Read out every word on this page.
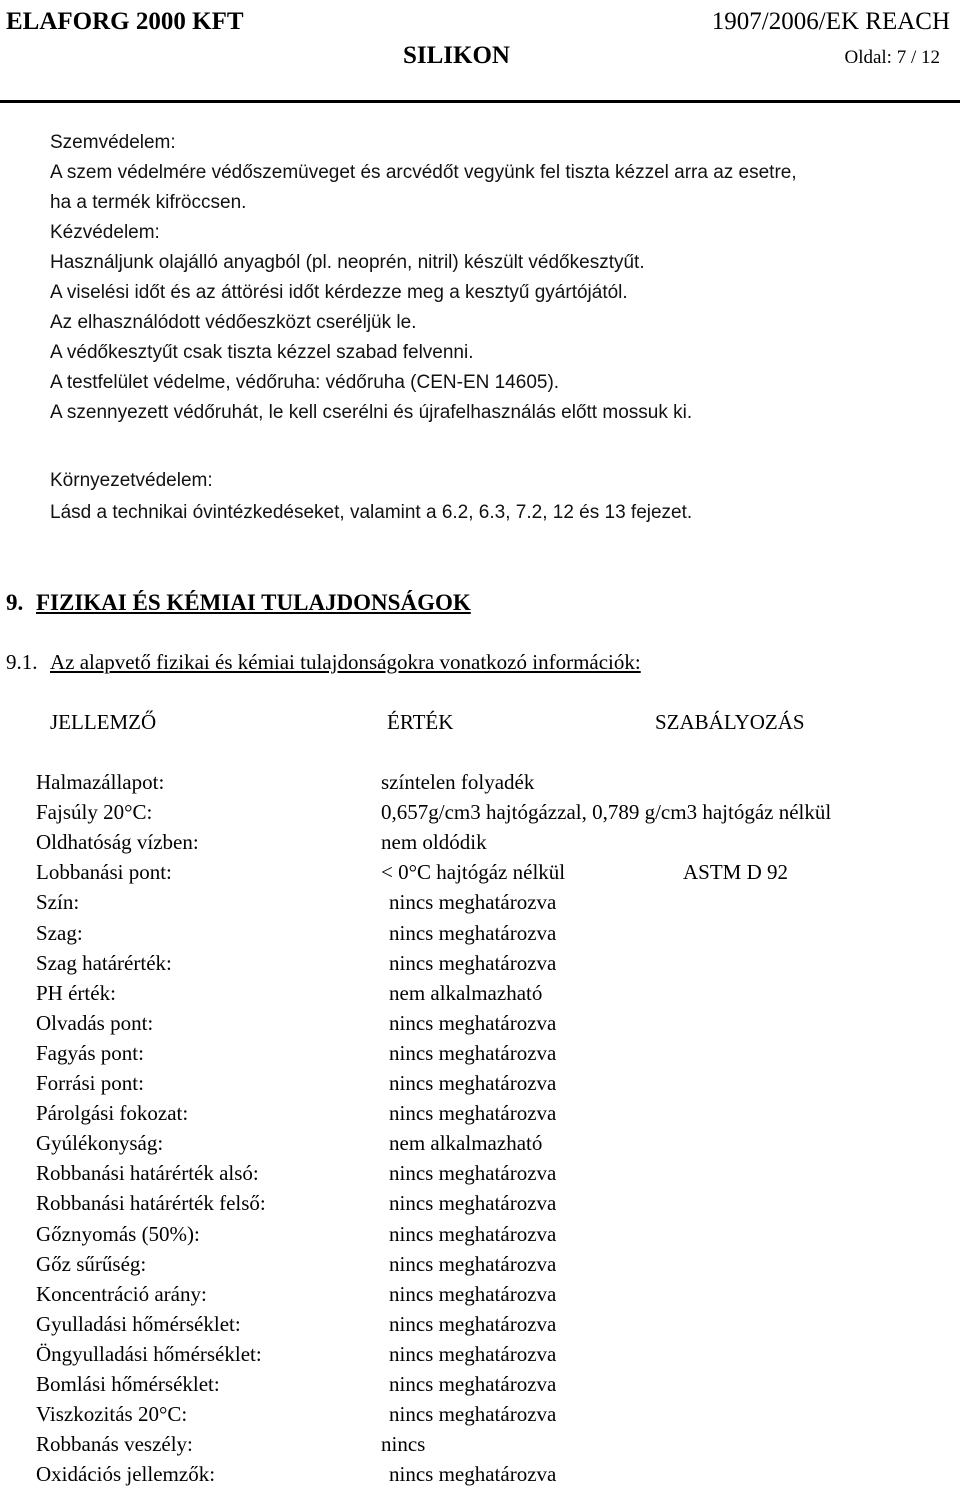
ELAFORG 2000 KFT	1907/2006/EK REACH
SILIKON	Oldal: 7 / 12
Szemvédelem:
A szem védelmére védőszemüveget és arcvédőt vegyünk fel tiszta kézzel arra az esetre,
ha a termék kifröccsen.
Kézvédelem:
Használjunk olajálló anyagból (pl. neoprén, nitril) készült védőkesztyűt.
A viselési időt és az áttörési időt kérdezze meg a kesztyű gyártójától.
Az elhasználódott védőeszközt cseréljük le.
A védőkesztyűt csak tiszta kézzel szabad felvenni.
A testfelület védelme, védőruha: védőruha (CEN-EN 14605).
A szennyezett védőruhát, le kell cserélni és újrafelhasználás előtt mossuk ki.
Környezetvédelem:
Lásd a technikai óvintézkedéseket, valamint a 6.2, 6.3, 7.2, 12 és 13 fejezet.
9. FIZIKAI ÉS KÉMIAI TULAJDONSÁGOK
9.1. Az alapvető fizikai és kémiai tulajdonságokra vonatkozó információk:
JELLEMZŐ	ÉRTÉK	SZABÁLYOZÁS
Halmazállapot:	színtelen folyadék
Fajsúly 20°C:	0,657g/cm3 hajtógázzal, 0,789 g/cm3 hajtógáz nélkül
Oldhatóság vízben:	nem oldódik
Lobbanási pont:	< 0°C hajtógáz nélkül	ASTM D 92
Szín:	nincs meghatározva
Szag:	nincs meghatározva
Szag határérték:	nincs meghatározva
PH érték:	nem alkalmazható
Olvadás pont:	nincs meghatározva
Fagyás pont:	nincs meghatározva
Forrási pont:	nincs meghatározva
Párolgási fokozat:	nincs meghatározva
Gyúlékonyság:	nem alkalmazható
Robbanási határérték alsó:	nincs meghatározva
Robbanási határérték felső:	nincs meghatározva
Gőznyomás (50%):	nincs meghatározva
Gőz sűrűség:	nincs meghatározva
Koncentráció arány:	nincs meghatározva
Gyulladási hőmérséklet:	nincs meghatározva
Öngyulladási hőmérséklet:	nincs meghatározva
Bomlási hőmérséklet:	nincs meghatározva
Viszkozitás 20°C:	nincs meghatározva
Robbanás veszély:	nincs
Oxidációs jellemzők:	nincs meghatározva
